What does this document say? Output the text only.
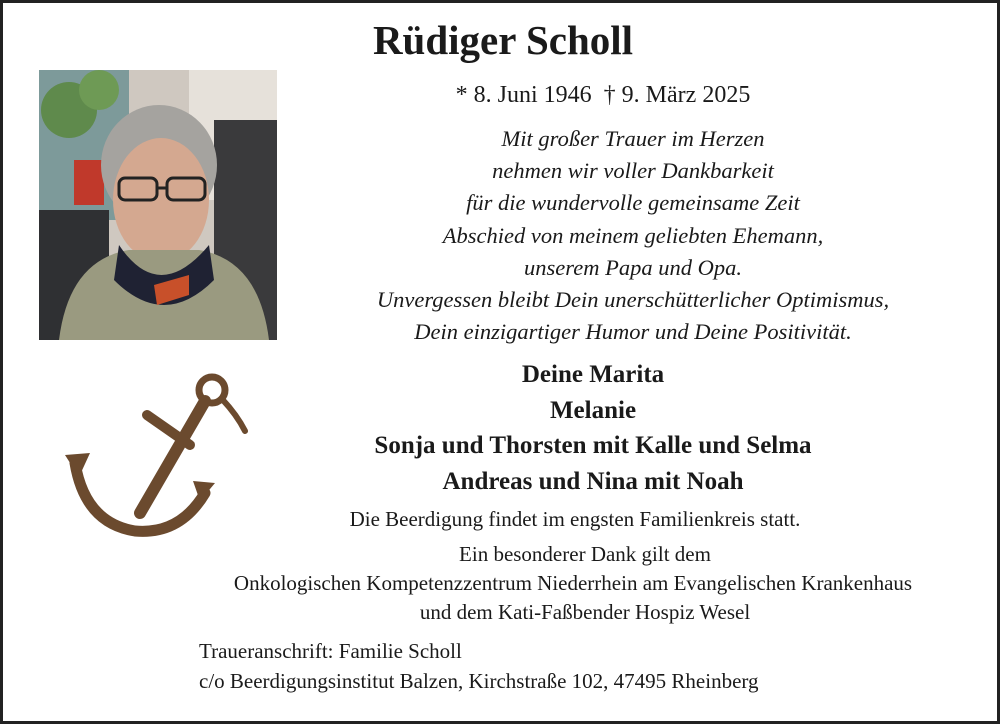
Rüdiger Scholl
* 8. Juni 1946  † 9. März 2025
Mit großer Trauer im Herzen
nehmen wir voller Dankbarkeit
für die wundervolle gemeinsame Zeit
Abschied von meinem geliebten Ehemann,
unserem Papa und Opa.
Unvergessen bleibt Dein unerschütterlicher Optimismus,
Dein einzigartiger Humor und Deine Positivität.
Deine Marita
Melanie
Sonja und Thorsten mit Kalle und Selma
Andreas und Nina mit Noah
Die Beerdigung findet im engsten Familienkreis statt.
Ein besonderer Dank gilt dem
Onkologischen Kompetenzzentrum Niederrhein am Evangelischen Krankenhaus
und dem Kati-Faßbender Hospiz Wesel
Traueranschrift: Familie Scholl
c/o Beerdigungsinstitut Balzen, Kirchstraße 102, 47495 Rheinberg
